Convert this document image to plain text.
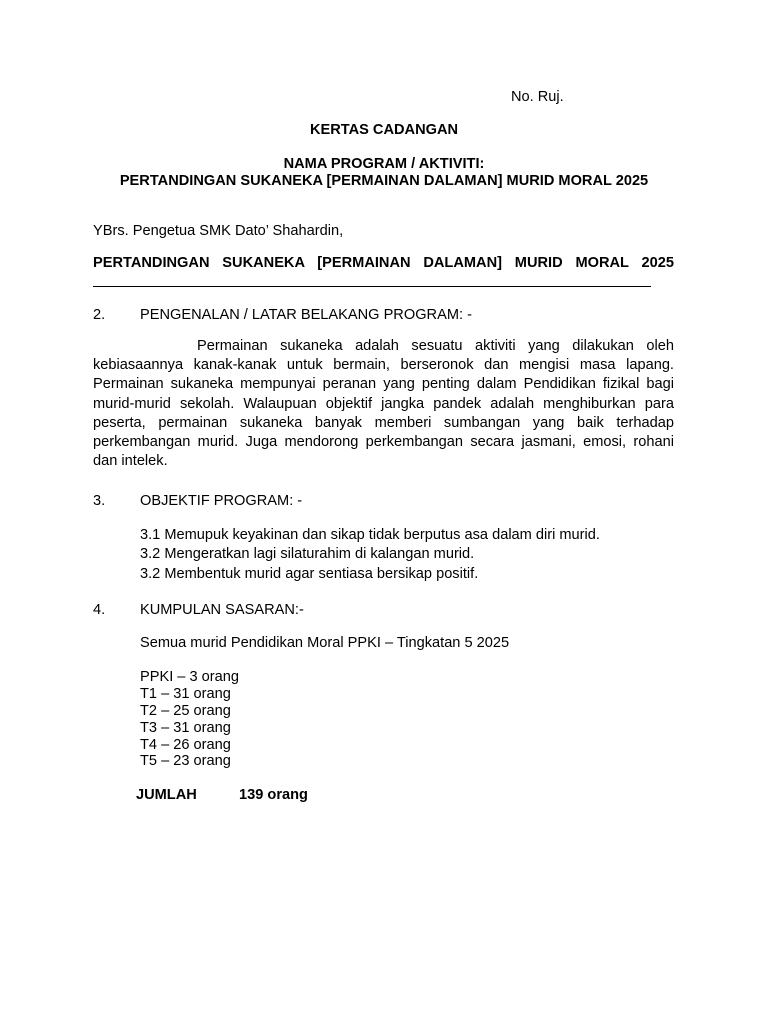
No. Ruj.
KERTAS CADANGAN
NAMA PROGRAM / AKTIVITI:
PERTANDINGAN SUKANEKA [PERMAINAN DALAMAN] MURID MORAL 2025
YBrs. Pengetua SMK Dato’ Shahardin,
PERTANDINGAN SUKANEKA [PERMAINAN DALAMAN] MURID MORAL 2025
2. PENGENALAN / LATAR BELAKANG PROGRAM: -
Permainan sukaneka adalah sesuatu aktiviti yang dilakukan oleh kebiasaannya kanak-kanak untuk bermain, berseronok dan mengisi masa lapang. Permainan sukaneka mempunyai peranan yang penting dalam Pendidikan fizikal bagi murid-murid sekolah. Walaupuan objektif jangka pandek adalah menghiburkan para peserta, permainan sukaneka banyak memberi sumbangan yang baik terhadap perkembangan murid. Juga mendorong perkembangan secara jasmani, emosi, rohani dan intelek.
3. OBJEKTIF PROGRAM: -
3.1 Memupuk keyakinan dan sikap tidak berputus asa dalam diri murid.
3.2 Mengeratkan lagi silaturahim di kalangan murid.
3.2 Membentuk murid agar sentiasa bersikap positif.
4. KUMPULAN SASARAN:-
Semua murid Pendidikan Moral PPKI – Tingkatan 5 2025
PPKI – 3 orang
T1 – 31 orang
T2 – 25 orang
T3 – 31 orang
T4 – 26 orang
T5 – 23 orang
JUMLAH	139 orang
